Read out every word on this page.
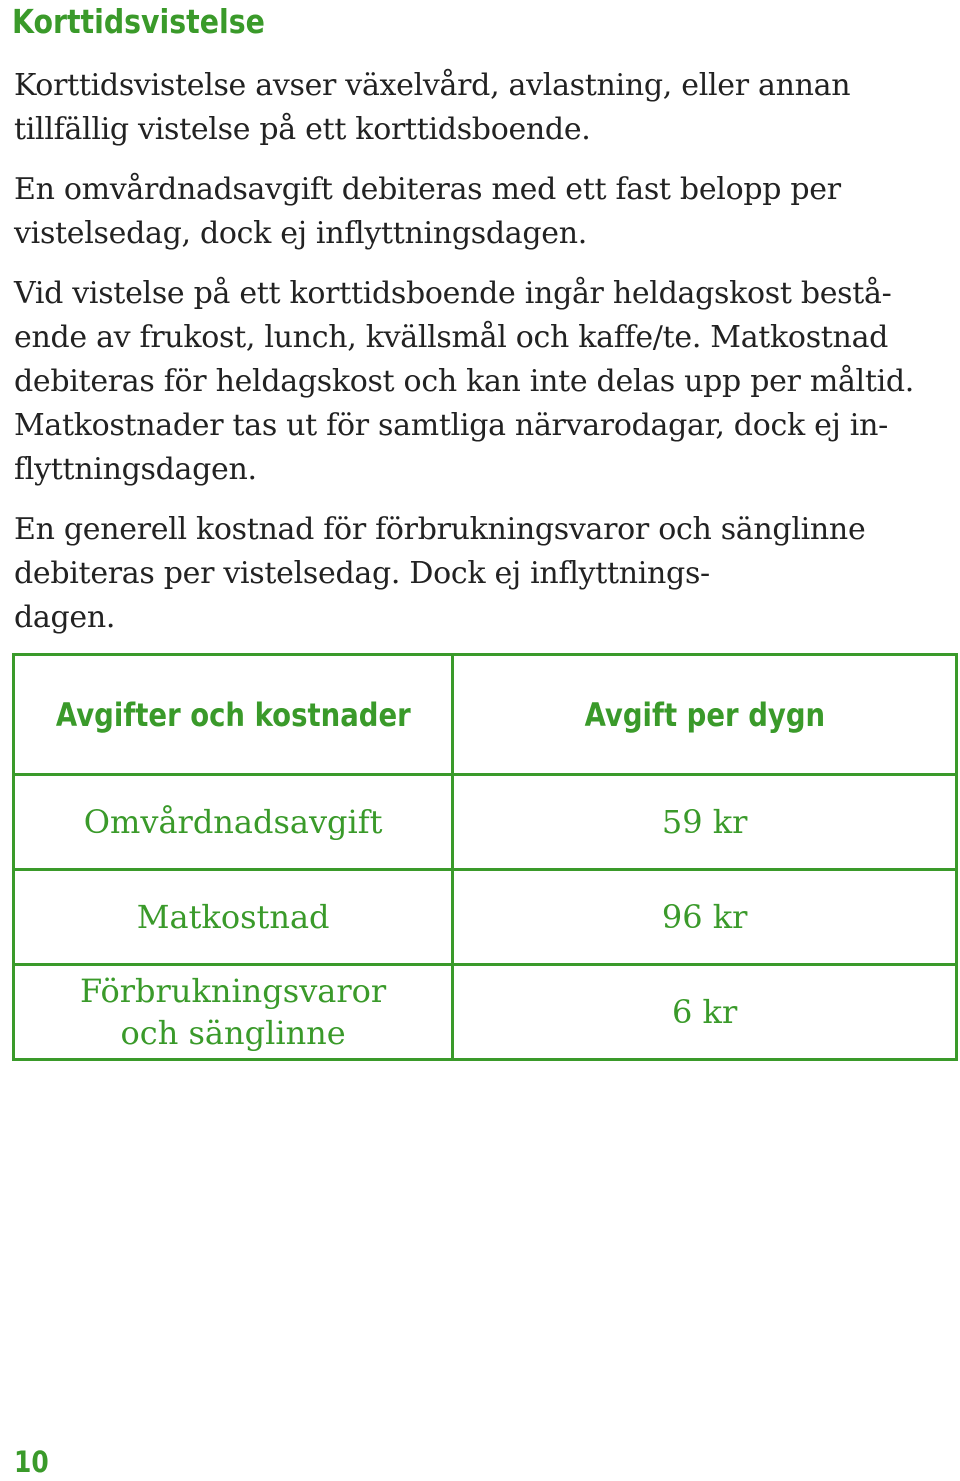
Korttidsvistelse

Korttidsvistelse avser växelvård, avlastning, eller annan
tillfällig vistelse på ett korttidsboende.

En omvårdnadsavgift debiteras med ett fast belopp per
vistelsedag, dock ej inflyttningsdagen.

Vid vistelse på ett korttidsboende ingår heldagskost bestå-
ende av frukost, lunch, kvällsmål och kaffe/te. Matkostnad
debiteras för heldagskost och kan inte delas upp per måltid.
Matkostnader tas ut för samtliga närvarodagar, dock ej in-
flyttningsdagen.

En generell kostnad för förbrukningsvaror och sänglinne
debiteras per vistelsedag. Dock ej inflyttnings-
dagen.

Avgifter och kostnader	Avgift per dygn
Omvårdnadsavgift	59 kr
Matkostnad	96 kr
Förbrukningsvaror
och sänglinne	6 kr
10
